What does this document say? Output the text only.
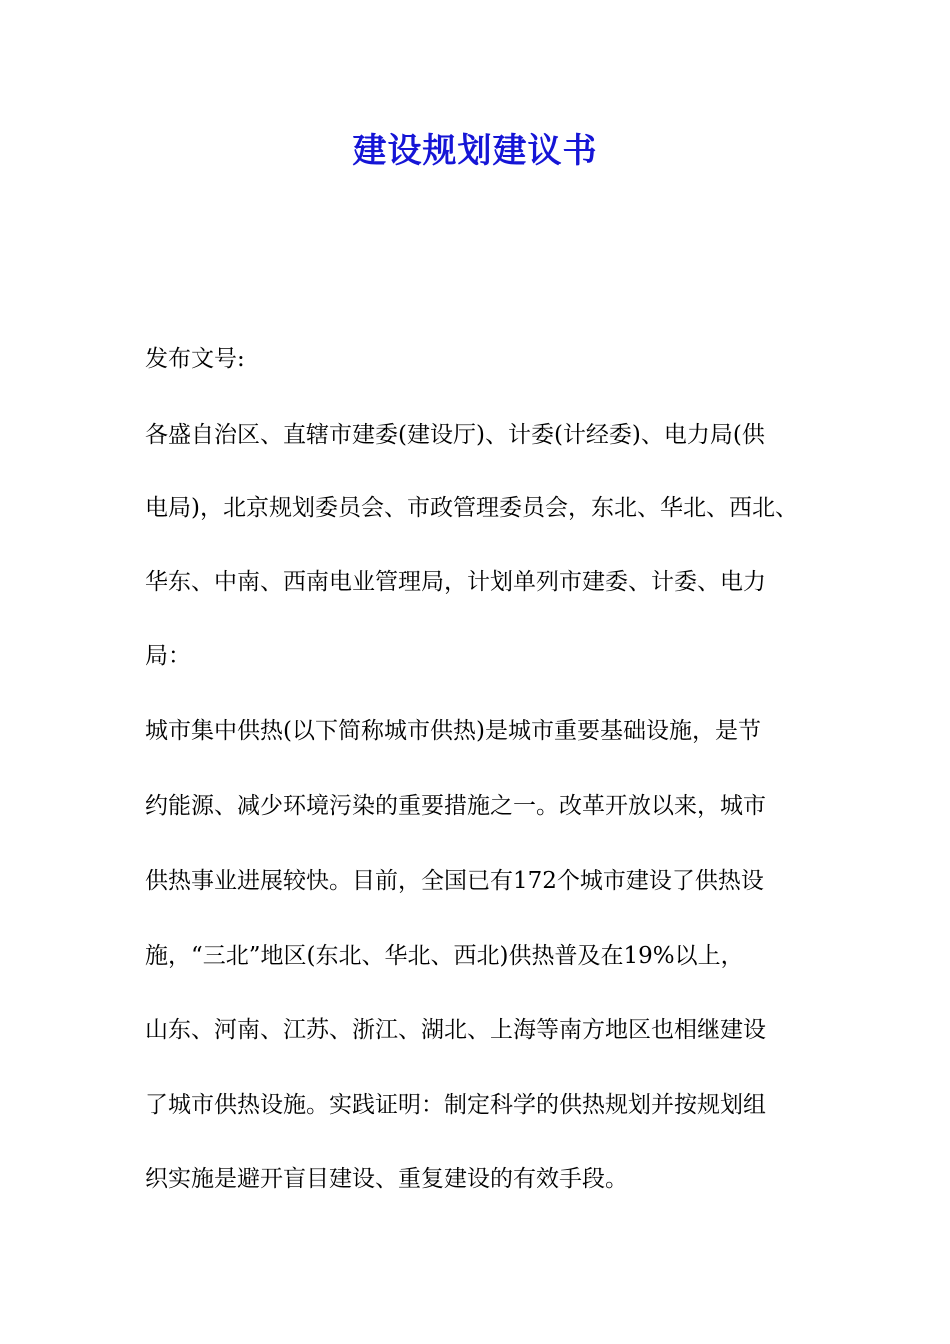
建设规划建议书
发布文号:
各盛自治区、直辖市建委(建设厅)、计委(计经委)、电力局(供
电局)，北京规划委员会、市政管理委员会，东北、华北、西北、
华东、中南、西南电业管理局，计划单列市建委、计委、电力
局：
城市集中供热(以下简称城市供热)是城市重要基础设施，是节
约能源、减少环境污染的重要措施之一。改革开放以来，城市
供热事业进展较快。目前，全国已有172个城市建设了供热设
施，“三北”地区(东北、华北、西北)供热普及在19%以上，
山东、河南、江苏、浙江、湖北、上海等南方地区也相继建设
了城市供热设施。实践证明：制定科学的供热规划并按规划组
织实施是避开盲目建设、重复建设的有效手段。
